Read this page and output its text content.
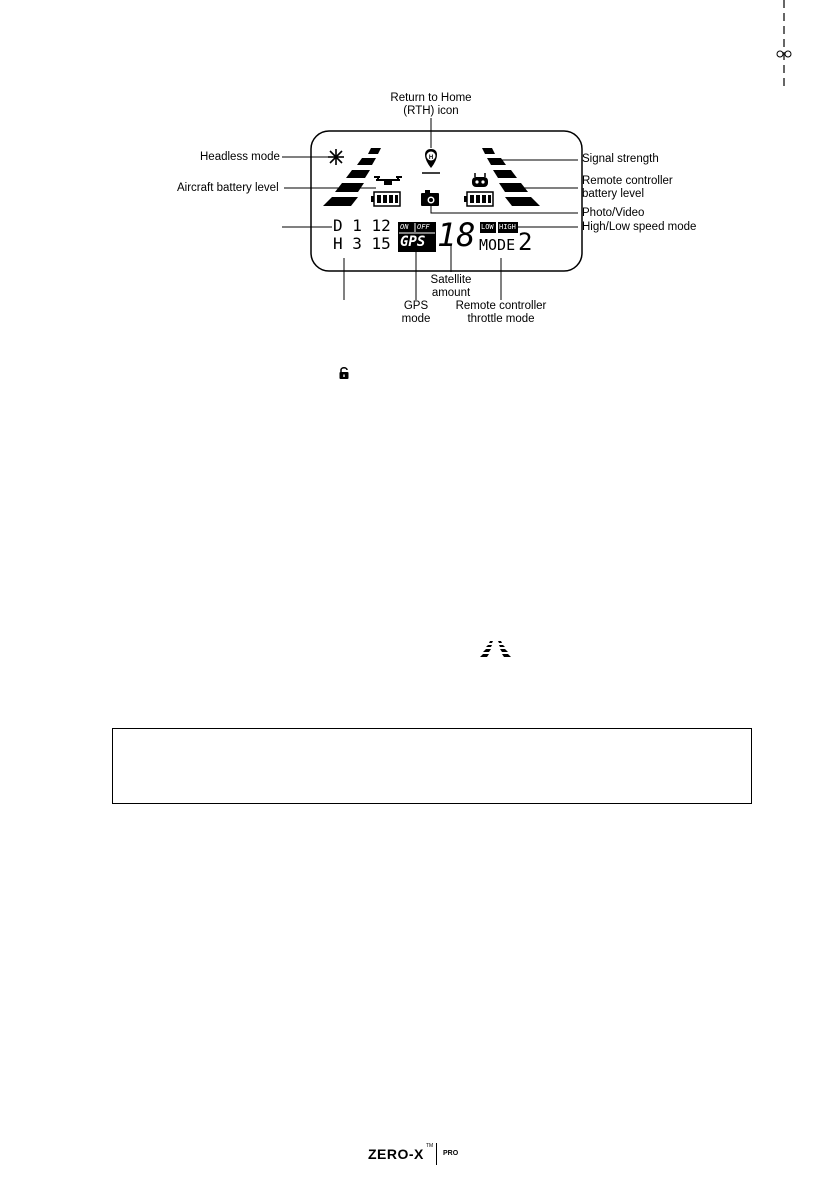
H
D 1 12
H 3 15
ON OFF
GPS 18 LOW HIGH
MODE 2
Return to Home
(RTH) icon
Headless mode
Aircraft battery level
Signal strength
Remote controller
battery level
Photo/Video
High/Low speed mode
Satellite
amount
GPS
mode
Remote controller
throttle mode
ZERO-X TM
PRO
